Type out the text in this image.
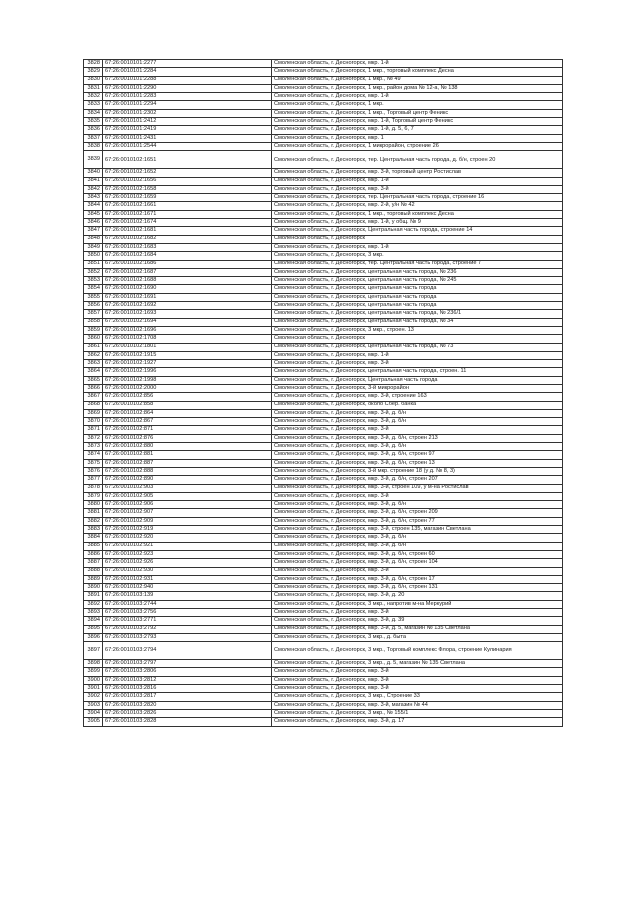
3828	67:26:0010101:2277	Смоленская область, г. Десногорск, мкр. 1-й
3829	67:26:0010101:2284	Смоленская область, г. Десногорск, 1 мкр., торговый комплекс Десна
3830	67:26:0010101:2288	Смоленская область, г. Десногорск, 1 мкр., № 49
3831	67:26:0010101:2290	Смоленская область, г. Десногорск, 1 мкр., район дома № 12-а, № 138
3832	67:26:0010101:2283	Смоленская область, г. Десногорск, мкр. 1-й
3833	67:26:0010101:2294	Смоленская область, г. Десногорск, 1 мкр.
3834	67:26:0010101:2302	Смоленская область, г. Десногорск, 1 мкр., Торговый центр Феникс
3835	67:26:0010101:2412	Смоленская область, г. Десногорск, мкр. 1-й, Торговый центр Феникс
3836	67:26:0010101:2419	Смоленская область, г. Десногорск, мкр. 1-й, д. 5, 6, 7
3837	67:26:0010101:2431	Смоленская область, г. Десногорск, мкр. 1
3838	67:26:0010101:2544	Смоленская область, г. Десногорск, 1 микрорайон, строение 26
3839	67:26:0010102:1651	Смоленская область, г. Десногорск, тер. Центральная часть города, д. б/н, строен 20
3840	67:26:0010102:1652	Смоленская область, г. Десногорск, мкр. 3-й, торговый центр Ростислав
3841	67:26:0010102:1656	Смоленская область, г. Десногорск, мкр. 1-й
3842	67:26:0010102:1658	Смоленская область, г. Десногорск, мкр. 3-й
3843	67:26:0010102:1659	Смоленская область, г. Десногорск, тер. Центральная часть города, строение 16
3844	67:26:0010102:1661	Смоленская область, г. Десногорск, мкр. 2-й, у/н № 42
3845	67:26:0010102:1671	Смоленская область, г. Десногорск, 1 мкр., торговый комплекс Десна
3846	67:26:0010102:1674	Смоленская область, г. Десногорск, мкр. 1-й, у общ. № 9
3847	67:26:0010102:1681	Смоленская область, г. Десногорск, Центральная часть города, строение 14
3848	67:26:0010102:1682	Смоленская область, г. Десногорск
3849	67:26:0010102:1683	Смоленская область, г. Десногорск, мкр. 1-й
3850	67:26:0010102:1684	Смоленская область, г. Десногорск, 3 мкр.
3851	67:26:0010102:1686	Смоленская область, г. Десногорск, тер. Центральная часть города, строение 7
3852	67:26:0010102:1687	Смоленская область, г. Десногорск, центральная часть города, № 236
3853	67:26:0010102:1688	Смоленская область, г. Десногорск, центральная часть города, № 245
3854	67:26:0010102:1690	Смоленская область, г. Десногорск, центральная часть города
3855	67:26:0010102:1691	Смоленская область, г. Десногорск, центральная часть города
3856	67:26:0010102:1692	Смоленская область, г. Десногорск, центральная часть города
3857	67:26:0010102:1693	Смоленская область, г. Десногорск, центральная часть города, № 236/1
3858	67:26:0010102:1694	Смоленская область, г. Десногорск, центральная часть города, № 34
3859	67:26:0010102:1696	Смоленская область, г. Десногорск, 3 мкр., строен. 13
3860	67:26:0010102:1708	Смоленская область, г. Десногорск
3861	67:26:0010102:1801	Смоленская область, г. Десногорск, центральная часть города, № 73
3862	67:26:0010102:1915	Смоленская область, г. Десногорск, мкр. 1-й
3863	67:26:0010102:1927	Смоленская область, г. Десногорск, мкр. 3-й
3864	67:26:0010102:1996	Смоленская область, г. Десногорск, центральная часть города, строен. 11
3865	67:26:0010102:1998	Смоленская область, г. Десногорск, Центральная часть города
3866	67:26:0010102:2000	Смоленская область, г. Десногорск, 3-й микрорайон
3867	67:26:0010102:856	Смоленская область, г. Десногорск, мкр. 3-й, строение 163
3868	67:26:0010102:858	Смоленская область, г. Десногорск, около Сбер. банка
3869	67:26:0010102:864	Смоленская область, г. Десногорск, мкр. 3-й, д. б/н
3870	67:26:0010102:867	Смоленская область, г. Десногорск, мкр. 3-й, д. б/н
3871	67:26:0010102:871	Смоленская область, г. Десногорск, мкр. 3-й
3872	67:26:0010102:876	Смоленская область, г. Десногорск, мкр. 3-й, д. б/н, строен 213
3873	67:26:0010102:880	Смоленская область, г. Десногорск, мкр. 3-й, д. б/н
3874	67:26:0010102:881	Смоленская область, г. Десногорск, мкр. 3-й, д. б/н, строен 97
3875	67:26:0010102:887	Смоленская область, г. Десногорск, мкр. 3-й, д. б/н, строен 13
3876	67:26:0010102:888	Смоленская область, г. Десногорск, 3-й мкр. строение 18 (у д. № 8, 3)
3877	67:26:0010102:890	Смоленская область, г. Десногорск, мкр. 3-й, д. б/н, строен 207
3878	67:26:0010102:903	Смоленская область, г. Десногорск, мкр. 3-й, строен 109, у м-на Ростислав
3879	67:26:0010102:905	Смоленская область, г. Десногорск, мкр. 3-й
3880	67:26:0010102:906	Смоленская область, г. Десногорск, мкр. 3-й, д. б/н
3881	67:26:0010102:907	Смоленская область, г. Десногорск, мкр. 3-й, д. б/н, строен 209
3882	67:26:0010102:909	Смоленская область, г. Десногорск, мкр. 3-й, д. б/н, строен 77
3883	67:26:0010102:919	Смоленская область, г. Десногорск, мкр. 3-й, строен 135, магазин Светлана
3884	67:26:0010102:920	Смоленская область, г. Десногорск, мкр. 3-й, д. б/н
3885	67:26:0010102:921	Смоленская область, г. Десногорск, мкр. 3-й, д. б/н
3886	67:26:0010102:923	Смоленская область, г. Десногорск, мкр. 3-й, д. б/н, строен 60
3887	67:26:0010102:926	Смоленская область, г. Десногорск, мкр. 3-й, д. б/н, строен 104
3888	67:26:0010102:930	Смоленская область, г. Десногорск, мкр. 3-й
3889	67:26:0010102:931	Смоленская область, г. Десногорск, мкр. 3-й, д. б/н, строен 17
3890	67:26:0010102:940	Смоленская область, г. Десногорск, мкр. 3-й, д. б/н, строен 131
3891	67:26:0010103:139	Смоленская область, г. Десногорск, мкр. 3-й, д. 20
3892	67:26:0010103:2744	Смоленская область, г. Десногорск, 3 мкр., напротив м-на Меркурий
3893	67:26:0010103:2756	Смоленская область, г. Десногорск, мкр. 3-й
3894	67:26:0010103:2771	Смоленская область, г. Десногорск, мкр. 3-й, д. 39
3895	67:26:0010103:2792	Смоленская область, г. Десногорск, мкр. 3-й, д. 5, магазин № 135 Светлана
3896	67:26:0010103:2793	Смоленская область, г. Десногорск, 3 мкр., д. быта
3897	67:26:0010103:2794	Смоленская область, г. Десногорск, 3 мкр., Торговый комплекс Флора, строение Кулинария
3898	67:26:0010103:2797	Смоленская область, г. Десногорск, 3 мкр., д. 5, магазин № 135 Светлана
3899	67:26:0010103:2806	Смоленская область, г. Десногорск, мкр. 3-й
3900	67:26:0010103:2812	Смоленская область, г. Десногорск, мкр. 3-й
3901	67:26:0010103:2816	Смоленская область, г. Десногорск, мкр. 3-й
3902	67:26:0010103:2817	Смоленская область, г. Десногорск, 3 мкр., Строение 33
3903	67:26:0010103:2820	Смоленская область, г. Десногорск, мкр. 3-й, магазин № 44
3904	67:26:0010103:2826	Смоленская область, г. Десногорск, 3 мкр., № 155/1
3905	67:26:0010103:2828	Смоленская область, г. Десногорск, мкр. 3-й, д. 17
